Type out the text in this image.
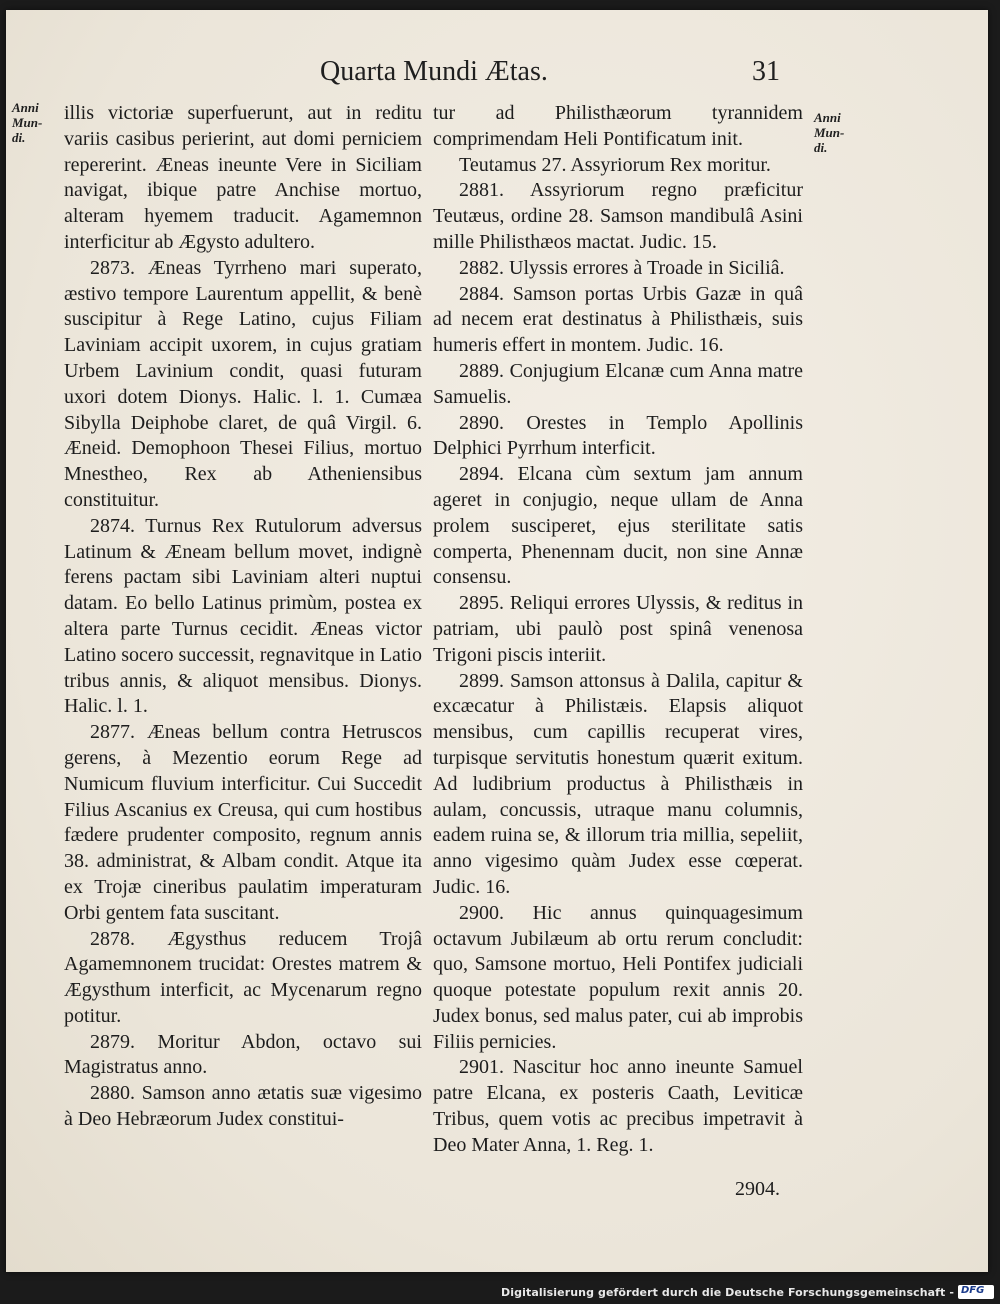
Quarta Mundi Ætas.	31
Anni
Mun-
di.
Anni
Mun-
di.

illis victoriæ superfuerunt, aut in reditu variis casibus perierint, aut domi perniciem repererint. Æneas ineunte Vere in Siciliam navigat, ibique patre Anchise mortuo, alteram hyemem traducit. Agamemnon interficitur ab Ægysto adultero.

2873. Æneas Tyrrheno mari superato, æstivo tempore Laurentum appellit, & benè suscipitur à Rege Latino, cujus Filiam Laviniam accipit uxorem, in cujus gratiam Urbem Lavinium condit, quasi futuram uxori dotem Dionys. Halic. l. 1. Cumæa Sibylla Deiphobe claret, de quâ Virgil. 6. Æneid. Demophoon Thesei Filius, mortuo Mnestheo, Rex ab Atheniensibus constituitur.

2874. Turnus Rex Rutulorum adversus Latinum & Æneam bellum movet, indignè ferens pactam sibi Laviniam alteri nuptui datam. Eo bello Latinus primùm, postea ex altera parte Turnus cecidit. Æneas victor Latino socero successit, regnavitque in Latio tribus annis, & aliquot mensibus. Dionys. Halic. l. 1.

2877. Æneas bellum contra Hetruscos gerens, à Mezentio eorum Rege ad Numicum fluvium interficitur. Cui Succedit Filius Ascanius ex Creusa, qui cum hostibus fædere prudenter composito, regnum annis 38. administrat, & Albam condit. Atque ita ex Trojæ cineribus paulatim imperaturam Orbi gentem fata suscitant.

2878. Ægysthus reducem Trojâ Agamemnonem trucidat: Orestes matrem & Ægysthum interficit, ac Mycenarum regno potitur.

2879. Moritur Abdon, octavo sui Magistratus anno.

2880. Samson anno ætatis suæ vigesimo à Deo Hebræorum Judex constitui-

tur ad Philisthæorum tyrannidem comprimendam Heli Pontificatum init.

Teutamus 27. Assyriorum Rex moritur.

2881. Assyriorum regno præficitur Teutæus, ordine 28. Samson mandibulâ Asini mille Philisthæos mactat. Judic. 15.

2882. Ulyssis errores à Troade in Siciliâ.

2884. Samson portas Urbis Gazæ in quâ ad necem erat destinatus à Philisthæis, suis humeris effert in montem. Judic. 16.

2889. Conjugium Elcanæ cum Anna matre Samuelis.

2890. Orestes in Templo Apollinis Delphici Pyrrhum interficit.

2894. Elcana cùm sextum jam annum ageret in conjugio, neque ullam de Anna prolem susciperet, ejus sterilitate satis comperta, Phenennam ducit, non sine Annæ consensu.

2895. Reliqui errores Ulyssis, & reditus in patriam, ubi paulò post spinâ venenosa Trigoni piscis interiit.

2899. Samson attonsus à Dalila, capitur & excæcatur à Philistæis. Elapsis aliquot mensibus, cum capillis recuperat vires, turpisque servitutis honestum quærit exitum. Ad ludibrium productus à Philisthæis in aulam, concussis, utraque manu columnis, eadem ruina se, & illorum tria millia, sepeliit, anno vigesimo quàm Judex esse cœperat. Judic. 16.

2900. Hic annus quinquagesimum octavum Jubilæum ab ortu rerum concludit: quo, Samsone mortuo, Heli Pontifex judiciali quoque potestate populum rexit annis 20. Judex bonus, sed malus pater, cui ab improbis Filiis pernicies.

2901. Nascitur hoc anno ineunte Samuel patre Elcana, ex posteris Caath, Leviticæ Tribus, quem votis ac precibus impetravit à Deo Mater Anna, 1. Reg. 1.

2904.
Digitalisierung gefördert durch die Deutsche Forschungsgemeinschaft - DFG
